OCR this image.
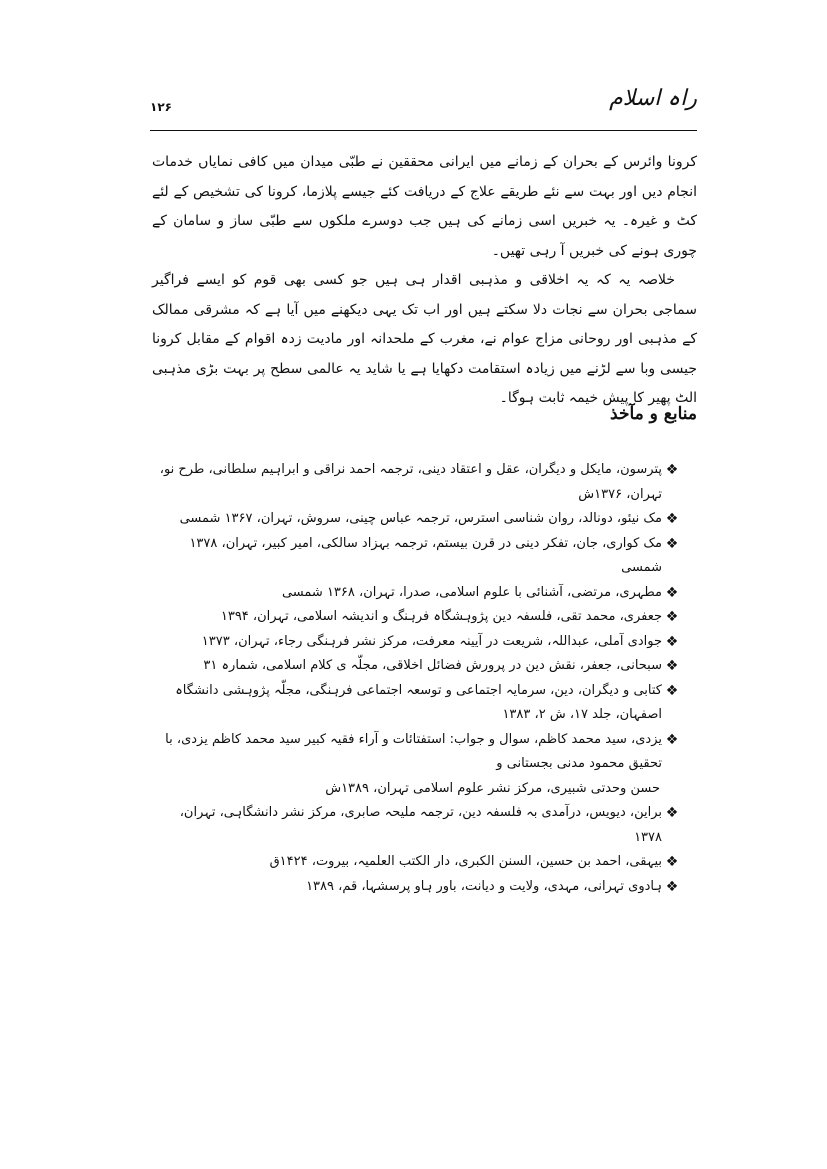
راہ اسلام
۱۲۶

کرونا وائرس کے بحران کے زمانے میں ایرانی محققین نے طبّی میدان میں کافی نمایاں خدمات انجام دیں اور بہت سے نئے طریقے علاج کے دریافت کئے جیسے پلازما، کرونا کی تشخیص کے لئے کٹ و غیرہ۔ یہ خبریں اسی زمانے کی ہیں جب دوسرے ملکوں سے طبّی ساز و سامان کے چوری ہونے کی خبریں آ رہی تھیں۔

خلاصہ یہ کہ یہ اخلاقی و مذہبی اقدار ہی ہیں جو کسی بھی قوم کو ایسے فراگیر سماجی بحران سے نجات دلا سکتے ہیں اور اب تک یہی دیکھنے میں آیا ہے کہ مشرقی ممالک کے مذہبی اور روحانی مزاج عوام نے، مغرب کے ملحدانہ اور مادیت زدہ اقوام کے مقابل کرونا جیسی وبا سے لڑنے میں زیادہ استقامت دکھایا ہے یا شاید یہ عالمی سطح پر بہت بڑی مذہبی الٹ پھیر کا پیش خیمہ ثابت ہوگا۔

منابع و مآخذ
❖
پترسون، مایکل و دیگران، عقل و اعتقاد دینی، ترجمہ احمد نراقی و ابراہیم سلطانی، طرح نو، تہران، ۱۳۷۶ش
❖
مک نیئو، دونالد، روان شناسی استرس، ترجمہ عباس چینی، سروش، تہران، ۱۳۶۷ شمسی
❖
مک کواری، جان، تفکر دینی در قرن بیستم، ترجمہ بہزاد سالکی، امیر کبیر، تہران، ۱۳۷۸ شمسی
❖
مطہری، مرتضی، آشنائی با علوم اسلامی، صدرا، تہران، ۱۳۶۸ شمسی
❖
جعفری، محمد تقی، فلسفہ دین پژوہشگاہ فرہنگ و اندیشہ اسلامی، تہران، ۱۳۹۴
❖
جوادی آملی، عبداللہ، شریعت در آیینہ معرفت، مرکز نشر فرہنگی رجاء، تہران، ۱۳۷۳
❖
سبحانی، جعفر، نقش دین در پرورش فضائل اخلاقی، مجلّہ ی کلام اسلامی، شمارہ ۳۱
❖
کتابی و دیگران، دین، سرمایہ اجتماعی و توسعہ اجتماعی فرہنگی، مجلّہ پژوہشی دانشگاہ اصفہان، جلد ۱۷، ش ۲، ۱۳۸۳
❖
یزدی، سید محمد کاظم، سوال و جواب: استفتائات و آراء فقیہ کبیر سید محمد کاظم یزدی، با تحقیق محمود مدنی بجستانی و
حسن وحدتی شبیری، مرکز نشر علوم اسلامی تہران، ۱۳۸۹ش
❖
براین، دیویس، درآمدی بہ فلسفہ دین، ترجمہ ملیحہ صابری، مرکز نشر دانشگاہی، تہران، ۱۳۷۸
❖
بیہقی، احمد بن حسین، السنن الکبری، دار الکتب العلمیہ، بیروت، ۱۴۲۴ق
❖
ہادوی تہرانی، مہدی، ولایت و دیانت، باور ہاو پرسشہا، قم، ۱۳۸۹
